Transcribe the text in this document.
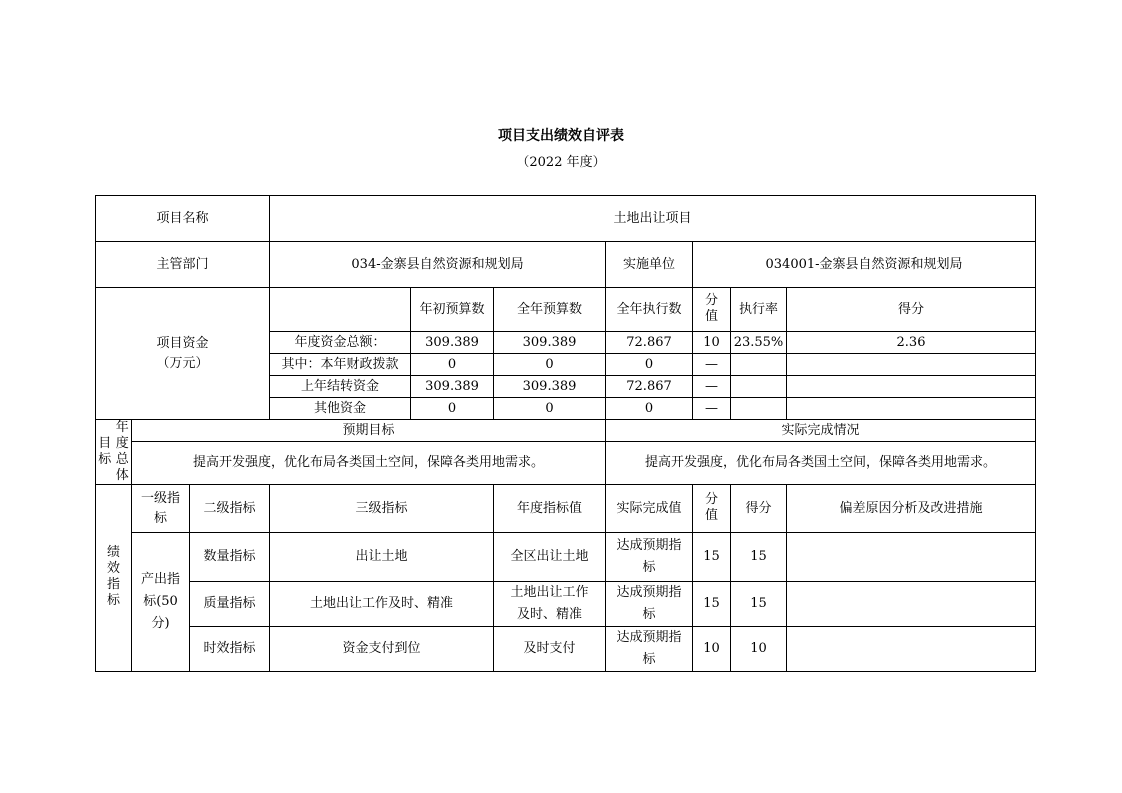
项目支出绩效自评表
（2022 年度）
项目名称			土地出让项目						
主管部门			034-金寨县自然资源和规划局			实施单位	034001-金寨县自然资源和规划局		

项目资金
（万元）				年初预算数	全年预算数	全年执行数	分值	执行率	得分
			年度资金总额：	309.389	309.389	72.867	10	23.55%	2.36
			其中：本年财政拨款	0	0	0	—		
			上年结转资金	309.389	309.389	72.867	—		
			其他资金	0	0	0	—		

目标
年度总体	预期目标					实际完成情况			
	提高开发强度，优化布局各类国土空间，保障各类用地需求。					提高开发强度，优化布局各类国土空间，保障各类用地需求。			
绩效指标	一级指标	二级指标	三级指标		年度指标值	实际完成值	分值	得分	偏差原因分析及改进措施
	产出指标(50分)	数量指标	出让土地		全区出让土地	达成预期指标	15	15	
		质量指标	土地出让工作及时、精准		土地出让工作及时、精准	达成预期指标	15	15	
		时效指标	资金支付到位		及时支付	达成预期指标	10	10	
